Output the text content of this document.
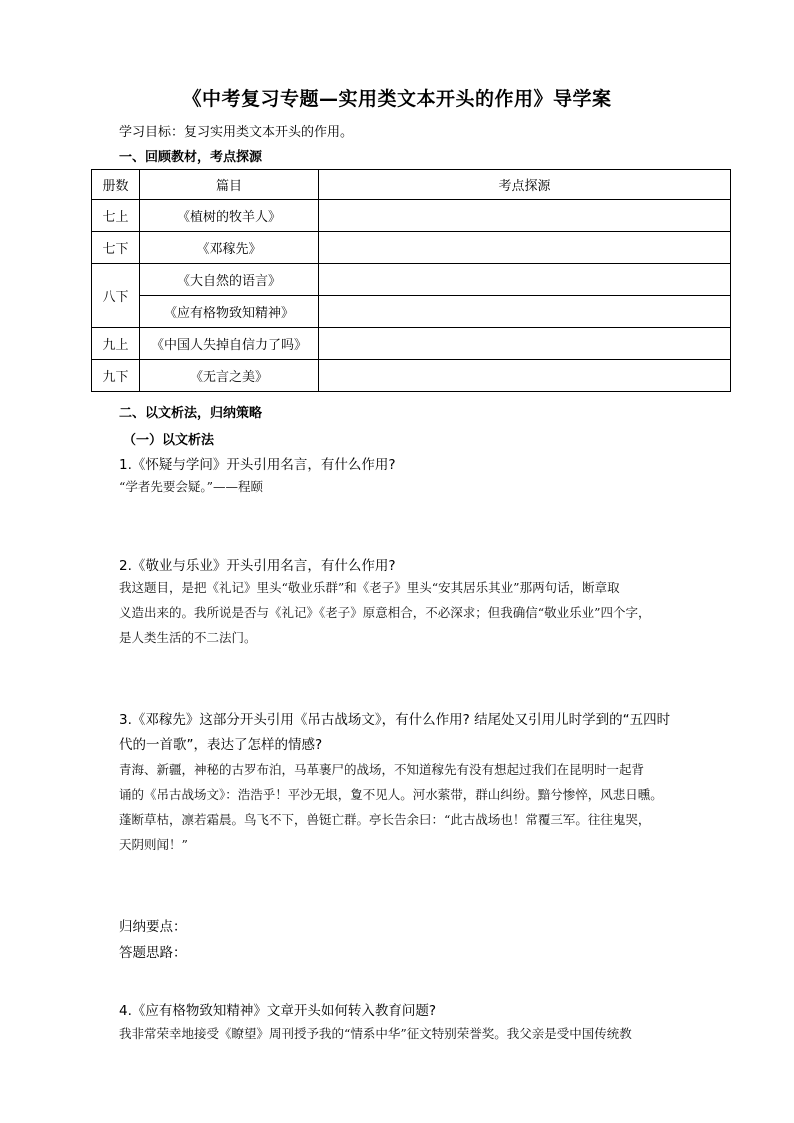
《中考复习专题—实用类文本开头的作用》导学案
学习目标：复习实用类文本开头的作用。
一、回顾教材，考点探源
册数	篇目	考点探源
七上	《植树的牧羊人》	
七下	《邓稼先》	
八下	《大自然的语言》	
	《应有格物致知精神》	
九上	《中国人失掉自信力了吗》	
九下	《无言之美》	
二、以文析法，归纳策略
（一）以文析法
1.《怀疑与学问》开头引用名言，有什么作用?
“学者先要会疑。”——程颐
2.《敬业与乐业》开头引用名言，有什么作用?
我这题目，是把《礼记》里头“敬业乐群”和《老子》里头“安其居乐其业”那两句话，断章取
义造出来的。我所说是否与《礼记》《老子》原意相合，不必深求；但我确信“敬业乐业”四个字，
是人类生活的不二法门。
3.《邓稼先》这部分开头引用《吊古战场文》，有什么作用? 结尾处又引用儿时学到的“五四时
代的一首歌”，表达了怎样的情感?
青海、新疆，神秘的古罗布泊，马革裹尸的战场，不知道稼先有没有想起过我们在昆明时一起背
诵的《吊古战场文》：浩浩乎！平沙无垠，夐不见人。河水萦带，群山纠纷。黯兮惨悴，风悲日曛。
蓬断草枯，凛若霜晨。鸟飞不下，兽铤亡群。亭长告余曰：“此古战场也！常覆三军。往往鬼哭，
天阴则闻！”
归纳要点：
答题思路：
4.《应有格物致知精神》文章开头如何转入教育问题?
我非常荣幸地接受《瞭望》周刊授予我的“情系中华”征文特别荣誉奖。我父亲是受中国传统教
